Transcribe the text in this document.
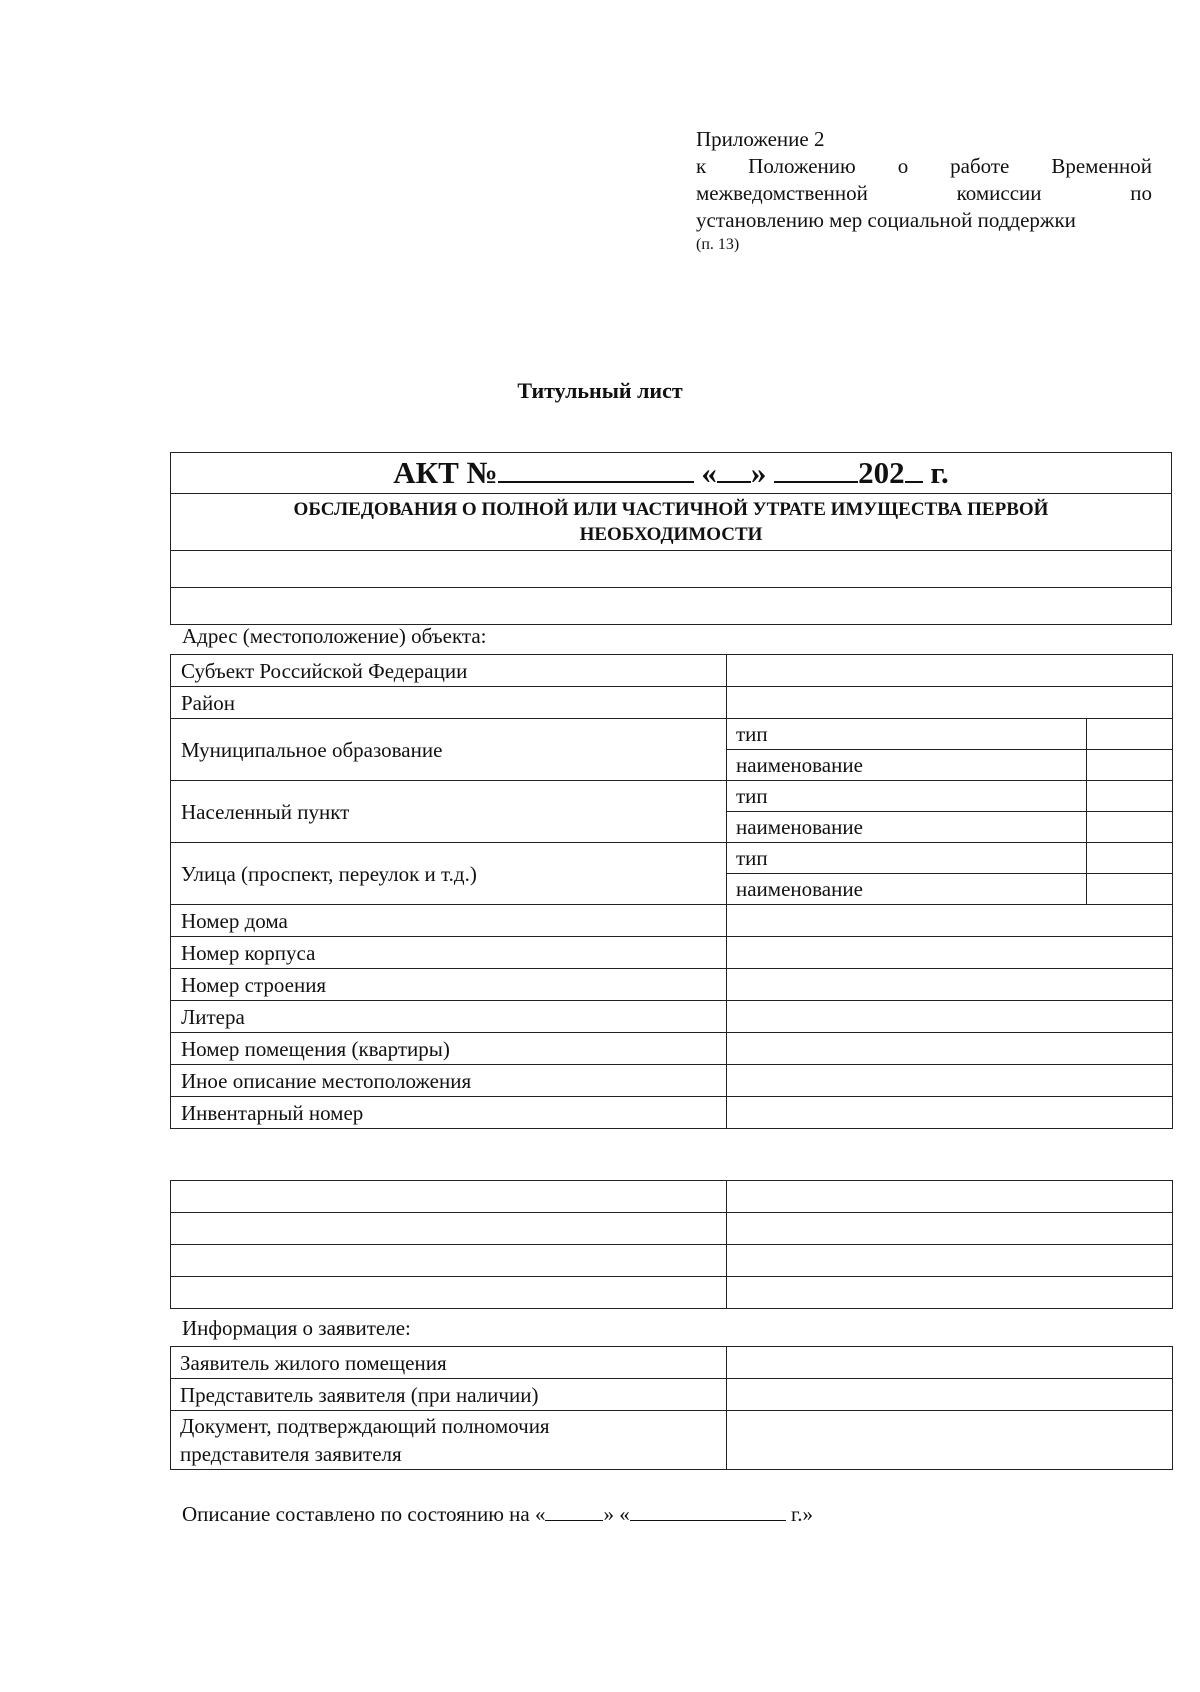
Приложение 2
к Положению о работе Временной
межведомственной комиссии по
установлению мер социальной поддержки
(п. 13)
Титульный лист
АКТ №	« »	202 г.
ОБСЛЕДОВАНИЯ О ПОЛНОЙ ИЛИ ЧАСТИЧНОЙ УТРАТЕ ИМУЩЕСТВА ПЕРВОЙ НЕОБХОДИМОСТИ

Адрес (местоположение) объекта:
Субъект Российской Федерации		
Район		
Муниципальное образование	тип	
	наименование	
Населенный пункт	тип	
	наименование	
Улица (проспект, переулок и т.д.)	тип	
	наименование	
Номер дома		
Номер корпуса		
Номер строения		
Литера		
Номер помещения (квартиры)		
Иное описание местоположения		
Инвентарный номер		

Информация о заявителе:
Заявитель жилого помещения	
Представитель заявителя (при наличии)	
Документ, подтверждающий полномочия
представителя заявителя	
Описание составлено по состоянию на «	» «	г.»
